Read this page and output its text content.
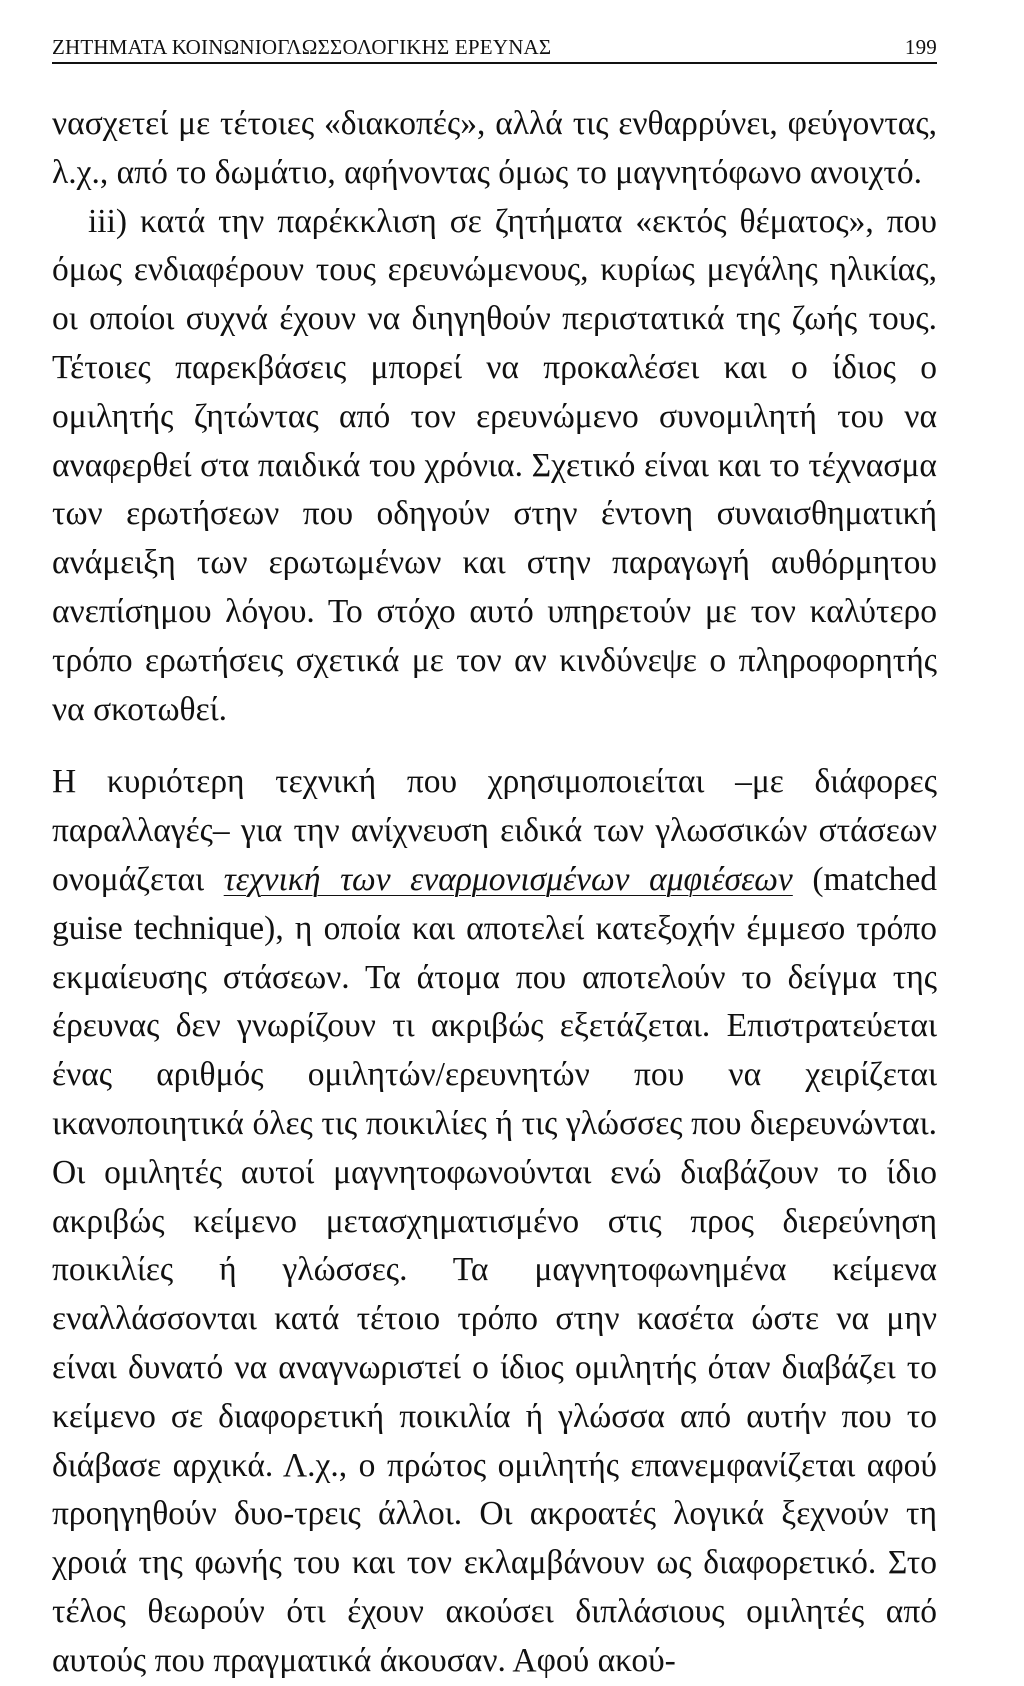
ΖΗΤΗΜΑΤΑ ΚΟΙΝΩΝΙΟΓΛΩΣΣΟΛΟΓΙΚΗΣ ΕΡΕΥΝΑΣ	199

νασχετεί με τέτοιες «διακοπές», αλλά τις ενθαρρύνει, φεύγοντας, λ.χ., από το δωμάτιο, αφήνοντας όμως το μαγνητόφωνο ανοιχτό.

iii) κατά την παρέκκλιση σε ζητήματα «εκτός θέματος», που όμως ενδιαφέρουν τους ερευνώμενους, κυρίως μεγάλης ηλικίας, οι οποίοι συχνά έχουν να διηγηθούν περιστατικά της ζωής τους. Τέτοιες παρεκβάσεις μπορεί να προκαλέσει και ο ίδιος ο ομιλητής ζητώντας από τον ερευνώμενο συνομιλητή του να αναφερθεί στα παιδικά του χρόνια. Σχετικό είναι και το τέχνασμα των ερωτήσεων που οδηγούν στην έντονη συναισθηματική ανάμειξη των ερωτωμένων και στην παραγωγή αυθόρμητου ανεπίσημου λόγου. Το στόχο αυτό υπηρετούν με τον καλύτερο τρόπο ερωτήσεις σχετικά με τον αν κινδύνεψε ο πληροφορητής να σκοτωθεί.

Η κυριότερη τεχνική που χρησιμοποιείται –με διάφορες παραλλαγές– για την ανίχνευση ειδικά των γλωσσικών στάσεων ονομάζεται τεχνική των εναρμονισμένων αμφιέσεων (matched guise technique), η οποία και αποτελεί κατεξοχήν έμμεσο τρόπο εκμαίευσης στάσεων. Τα άτομα που αποτελούν το δείγμα της έρευνας δεν γνωρίζουν τι ακριβώς εξετάζεται. Επιστρατεύεται ένας αριθμός ομιλητών/ερευνητών που να χειρίζεται ικανοποιητικά όλες τις ποικιλίες ή τις γλώσσες που διερευνώνται. Οι ομιλητές αυτοί μαγνητοφωνούνται ενώ διαβάζουν το ίδιο ακριβώς κείμενο μετασχηματισμένο στις προς διερεύνηση ποικιλίες ή γλώσσες. Τα μαγνητοφωνημένα κείμενα εναλλάσσονται κατά τέτοιο τρόπο στην κασέτα ώστε να μην είναι δυνατό να αναγνωριστεί ο ίδιος ομιλητής όταν διαβάζει το κείμενο σε διαφορετική ποικιλία ή γλώσσα από αυτήν που το διάβασε αρχικά. Λ.χ., ο πρώτος ομιλητής επανεμφανίζεται αφού προηγηθούν δυο-τρεις άλλοι. Οι ακροατές λογικά ξεχνούν τη χροιά της φωνής του και τον εκλαμβάνουν ως διαφορετικό. Στο τέλος θεωρούν ότι έχουν ακούσει διπλάσιους ομιλητές από αυτούς που πραγματικά άκουσαν. Αφού ακού-
